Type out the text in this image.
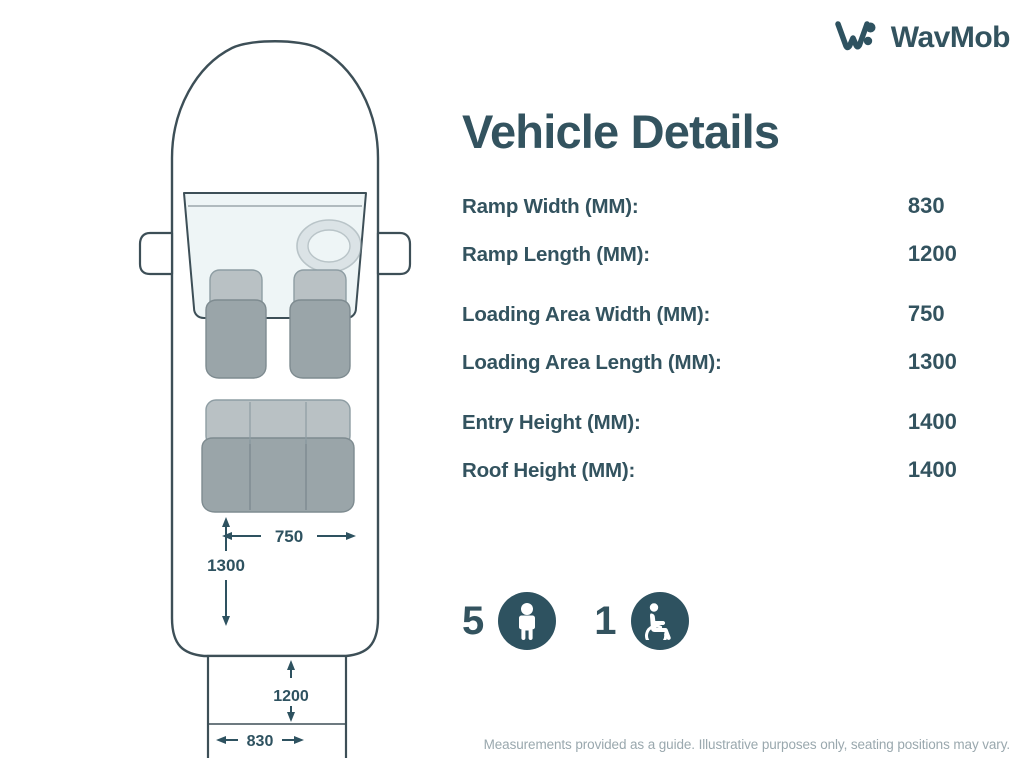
WavMob
750
1300
1200
830
Vehicle Details
Ramp Width (MM):	830
Ramp Length (MM):	1200
Loading Area Width (MM):	750
Loading Area Length (MM):	1300
Entry Height (MM):	1400
Roof Height (MM):	1400
5	1
Measurements provided as a guide. Illustrative purposes only, seating positions may vary.
